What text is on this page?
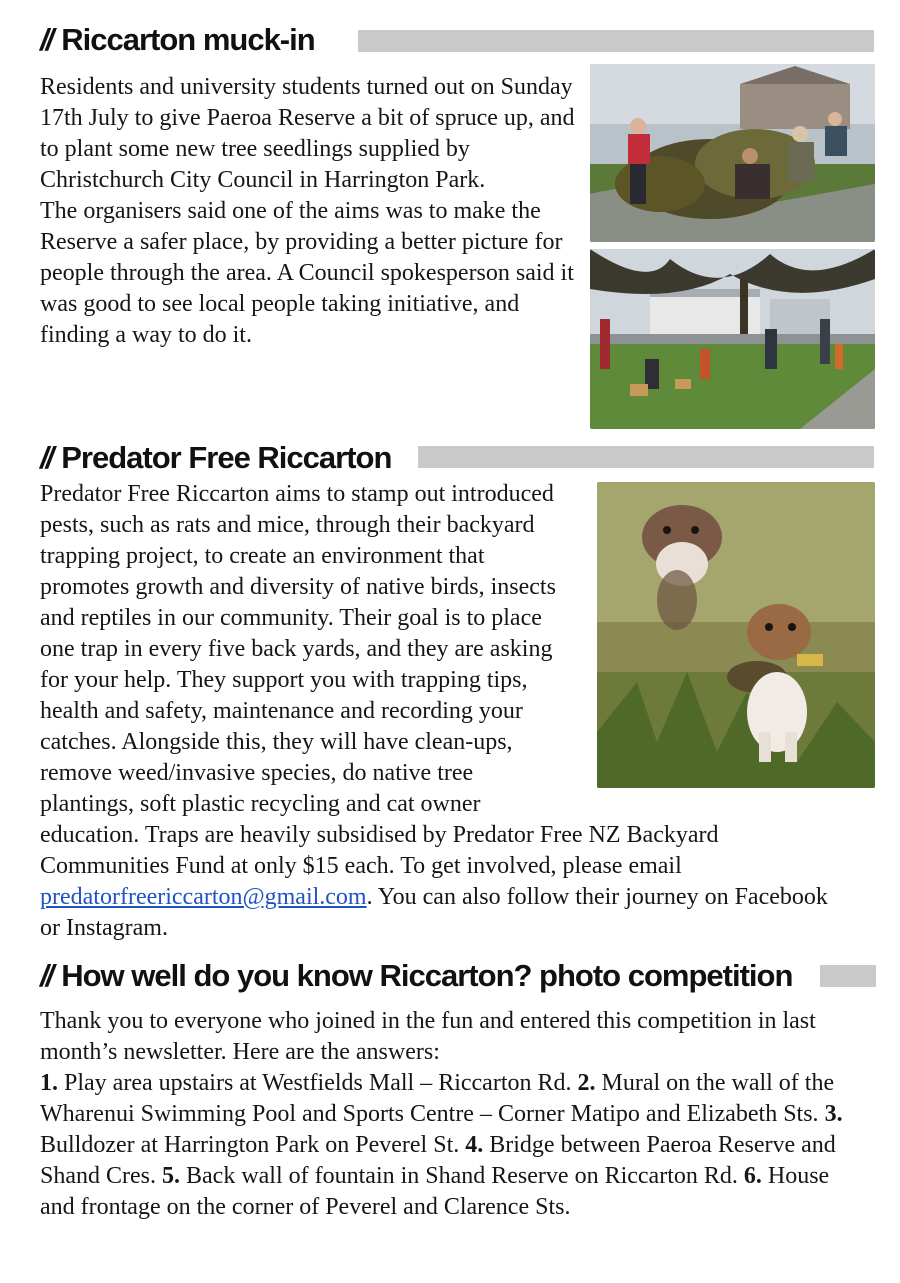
// Riccarton muck-in

Residents and university students turned out on Sunday 17th July to give Paeroa Reserve a bit of spruce up, and to plant some new tree seedlings supplied by Christchurch City Council in Harrington Park.

The organisers said one of the aims was to make the Reserve a safer place, by providing a better picture for people through the area. A Council spokesperson said it was good to see local people taking initiative, and finding a way to do it.

// Predator Free Riccarton

Predator Free Riccarton aims to stamp out introduced pests, such as rats and mice, through their backyard trapping project, to create an environment that promotes growth and diversity of native birds, insects and reptiles in our community. Their goal is to place one trap in every five back yards, and they are asking for your help. They support you with trapping tips, health and safety, maintenance and recording your catches. Alongside this, they will have clean-ups, remove weed/invasive species, do native tree plantings, soft plastic recycling and cat owner education. Traps are heavily subsidised by Predator Free NZ Backyard Communities Fund at only $15 each. To get involved, please email predatorfreericcarton@gmail.com. You can also follow their journey on Facebook or Instagram.

// How well do you know Riccarton? photo competition

Thank you to everyone who joined in the fun and entered this competition in last month’s newsletter. Here are the answers:

1. Play area upstairs at Westfields Mall – Riccarton Rd. 2. Mural on the wall of the Wharenui Swimming Pool and Sports Centre – Corner Matipo and Elizabeth Sts. 3. Bulldozer at Harrington Park on Peverel St. 4. Bridge between Paeroa Reserve and Shand Cres. 5. Back wall of fountain in Shand Reserve on Riccarton Rd. 6. House and frontage on the corner of Peverel and Clarence Sts.
